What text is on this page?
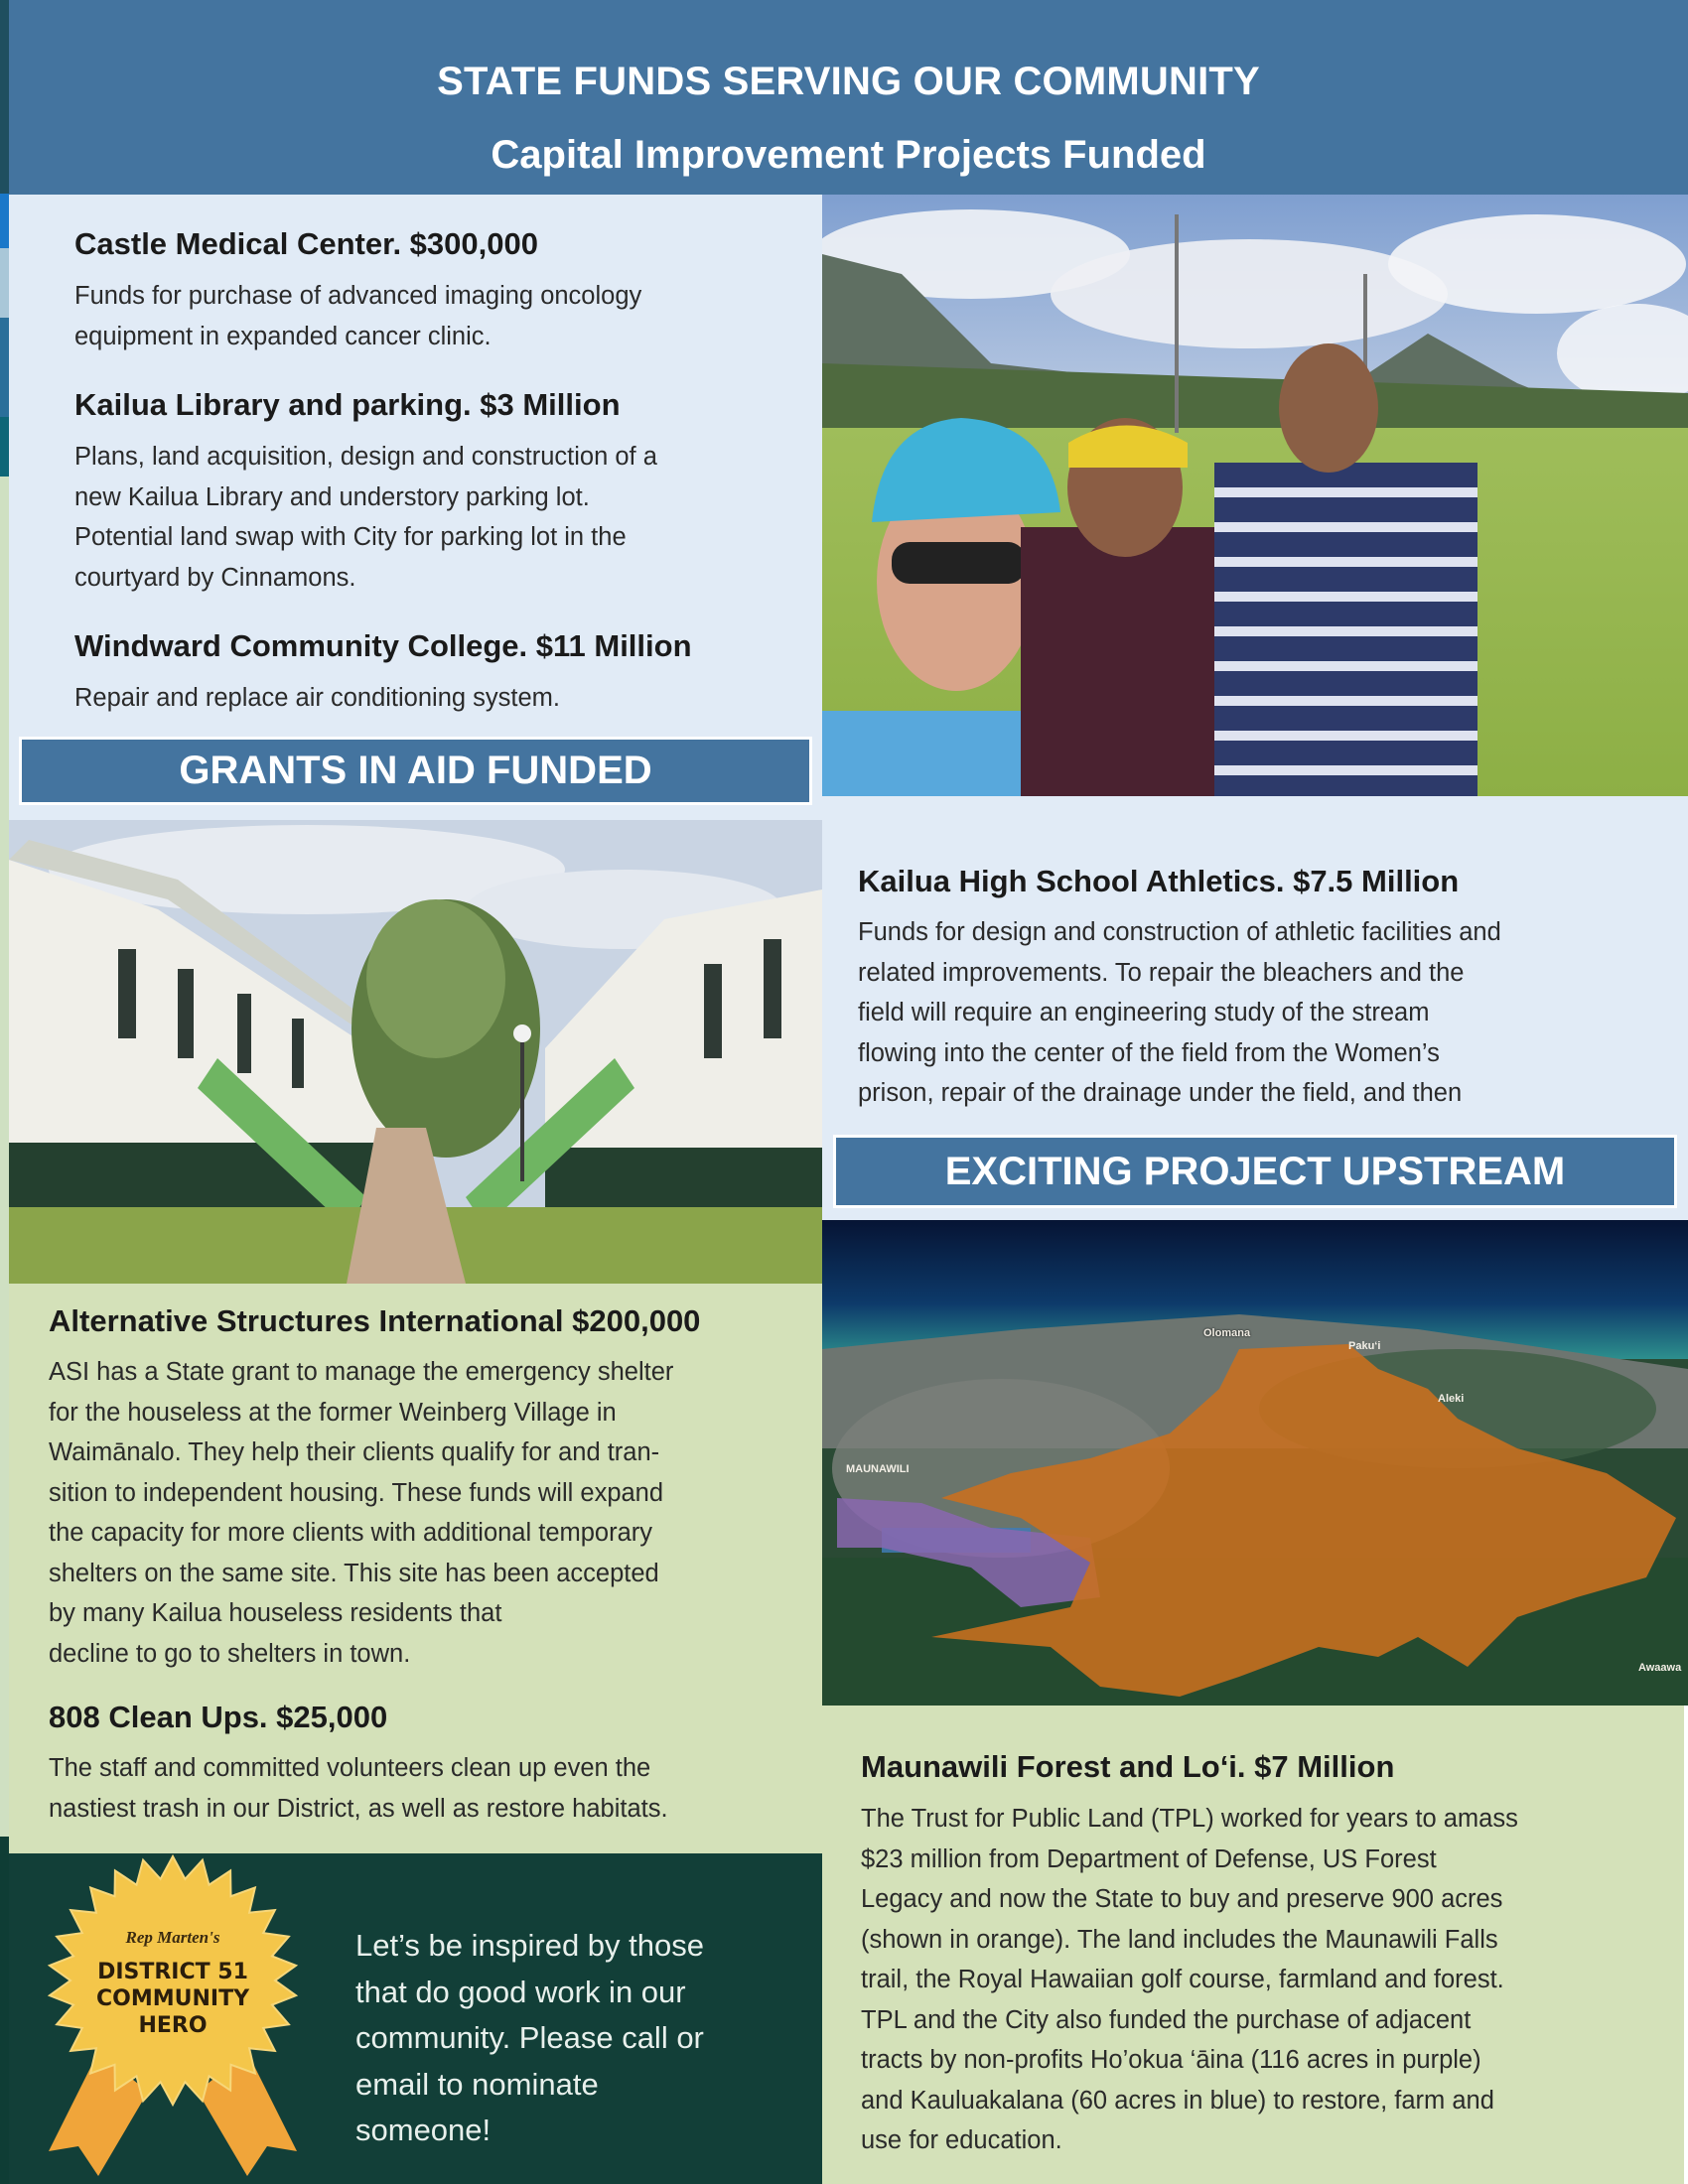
STATE FUNDS SERVING OUR COMMUNITY
Capital Improvement Projects Funded
Castle Medical Center. $300,000
Funds for purchase of advanced imaging oncology
equipment in expanded cancer clinic.
Kailua Library and parking. $3 Million
Plans, land acquisition, design and construction of a
new Kailua Library and understory parking lot.
Potential land swap with City for parking lot in the
courtyard by Cinnamons.
Windward Community College. $11 Million
Repair and replace air conditioning system.
GRANTS IN AID FUNDED
Kailua High School Athletics. $7.5 Million
Funds for design and construction of athletic facilities and
related improvements. To repair the bleachers and the
field will require an engineering study of the stream
flowing into the center of the field from the Women’s
prison, repair of the drainage under the field, and then
EXCITING PROJECT UPSTREAM
Olomana
Paku‘i
Aleki
MAUNAWILI
Awaawa
Alternative Structures International $200,000
ASI has a State grant to manage the emergency shelter
for the houseless at the former Weinberg Village in
Waimānalo. They help their clients qualify for and tran-
sition to independent housing. These funds will expand
the capacity for more clients with additional temporary
shelters on the same site. This site has been accepted
by many Kailua houseless residents that
decline to go to shelters in town.
808 Clean Ups. $25,000
The staff and committed volunteers clean up even the
nastiest trash in our District, as well as restore habitats.
Rep Marten's
DISTRICT 51
COMMUNITY
HERO
Let’s be inspired by those
that do good work in our
community. Please call or
email to nominate
someone!
Maunawili Forest and Lo‘i. $7 Million
The Trust for Public Land (TPL) worked for years to amass
$23 million from Department of Defense, US Forest
Legacy and now the State to buy and preserve 900 acres
(shown in orange). The land includes the Maunawili Falls
trail, the Royal Hawaiian golf course, farmland and forest.
TPL and the City also funded the purchase of adjacent
tracts by non-profits Ho’okua ‘āina (116 acres in purple)
and Kauluakalana (60 acres in blue) to restore, farm and
use for education.
